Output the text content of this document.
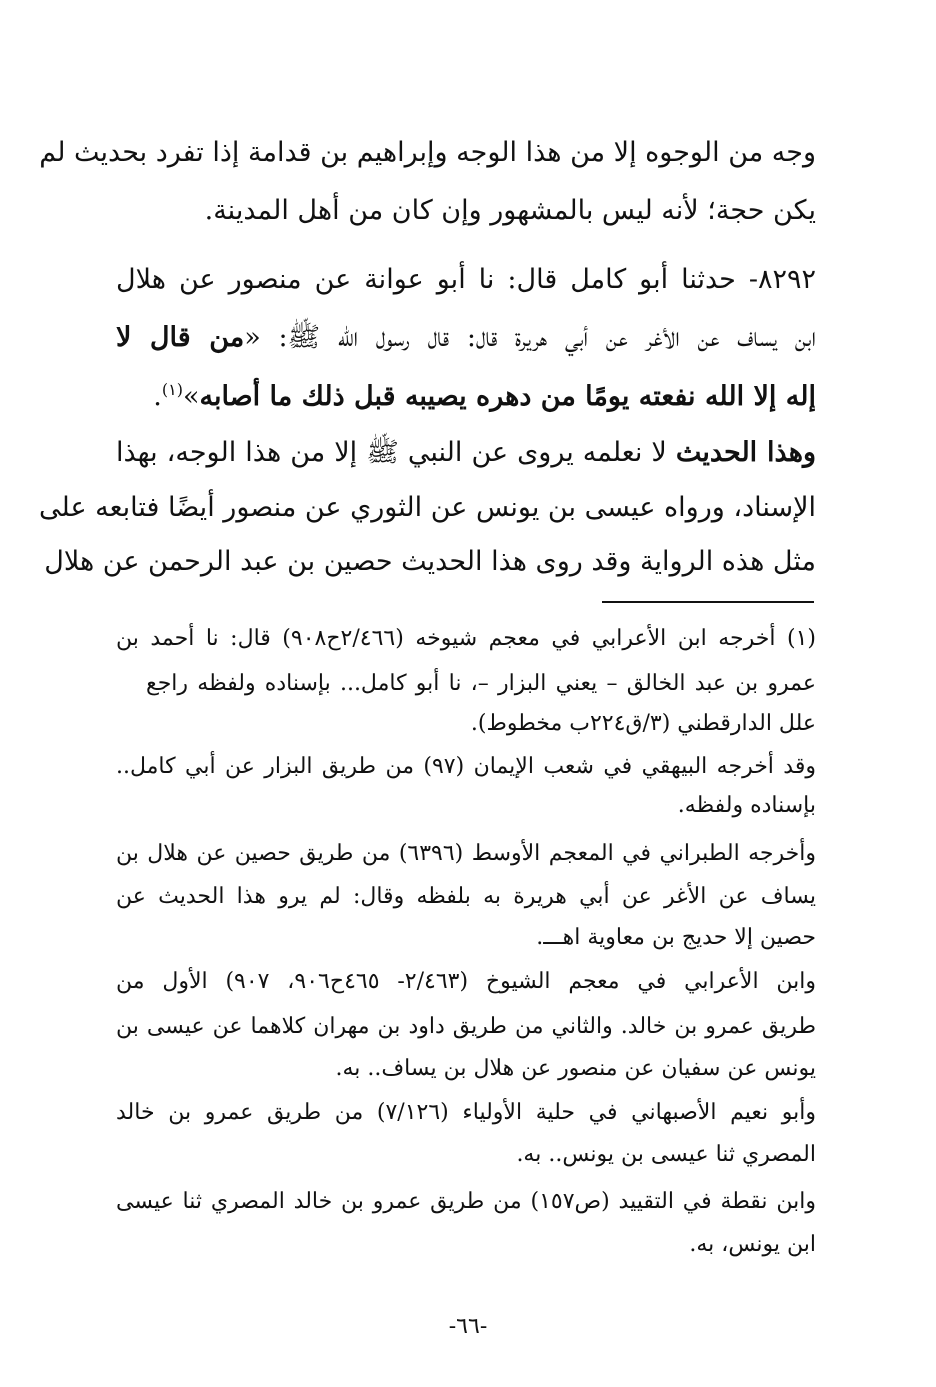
وجه من الوجوه إلا من هذا الوجه وإبراهيم بن قدامة إذا تفرد بحديث لم
يكن حجة؛ لأنه ليس بالمشهور وإن كان من أهل المدينة.
٨٢٩٢- حدثنا أبو كامل قال: نا أبو عوانة عن منصور عن هلال
ابن يساف عن الأغر عن أبي هريرة قال: قال رسول الله ﷺ: «من قال لا
إله إلا الله نفعته يومًا من دهره يصيبه قبل ذلك ما أصابه»$^{(١)}$.
وهذا الحديث لا نعلمه يروى عن النبي ﷺ إلا من هذا الوجه، بهذا
الإسناد، ورواه عيسى بن يونس عن الثوري عن منصور أيضًا فتابعه على
مثل هذه الرواية وقد روى هذا الحديث حصين بن عبد الرحمن عن هلال
(١) أخرجه ابن الأعرابي في معجم شيوخه (٢/٤٦٦ح٩٠٨) قال: نا أحمد بن
عمرو بن عبد الخالق – يعني البزار –، نا أبو كامل... بإسناده ولفظه راجع
علل الدارقطني (٣/ق٢٢٤ب مخطوط).
وقد أخرجه البيهقي في شعب الإيمان (٩٧) من طريق البزار عن أبي كامل..
بإسناده ولفظه.
وأخرجه الطبراني في المعجم الأوسط (٦٣٩٦) من طريق حصين عن هلال بن
يساف عن الأغر عن أبي هريرة به بلفظه وقال: لم يرو هذا الحديث عن
حصين إلا حديج بن معاوية اهـــ.
وابن الأعرابي في معجم الشيوخ (٢/٤٦٣- ٤٦٥ح٩٠٦، ٩٠٧) الأول من
طريق عمرو بن خالد. والثاني من طريق داود بن مهران كلاهما عن عيسى بن
يونس عن سفيان عن منصور عن هلال بن يساف.. به.
وأبو نعيم الأصبهاني في حلية الأولياء (٧/١٢٦) من طريق عمرو بن خالد
المصري ثنا عيسى بن يونس.. به.
وابن نقطة في التقييد (ص١٥٧) من طريق عمرو بن خالد المصري ثنا عيسى
ابن يونس، به.
-٦٦-
